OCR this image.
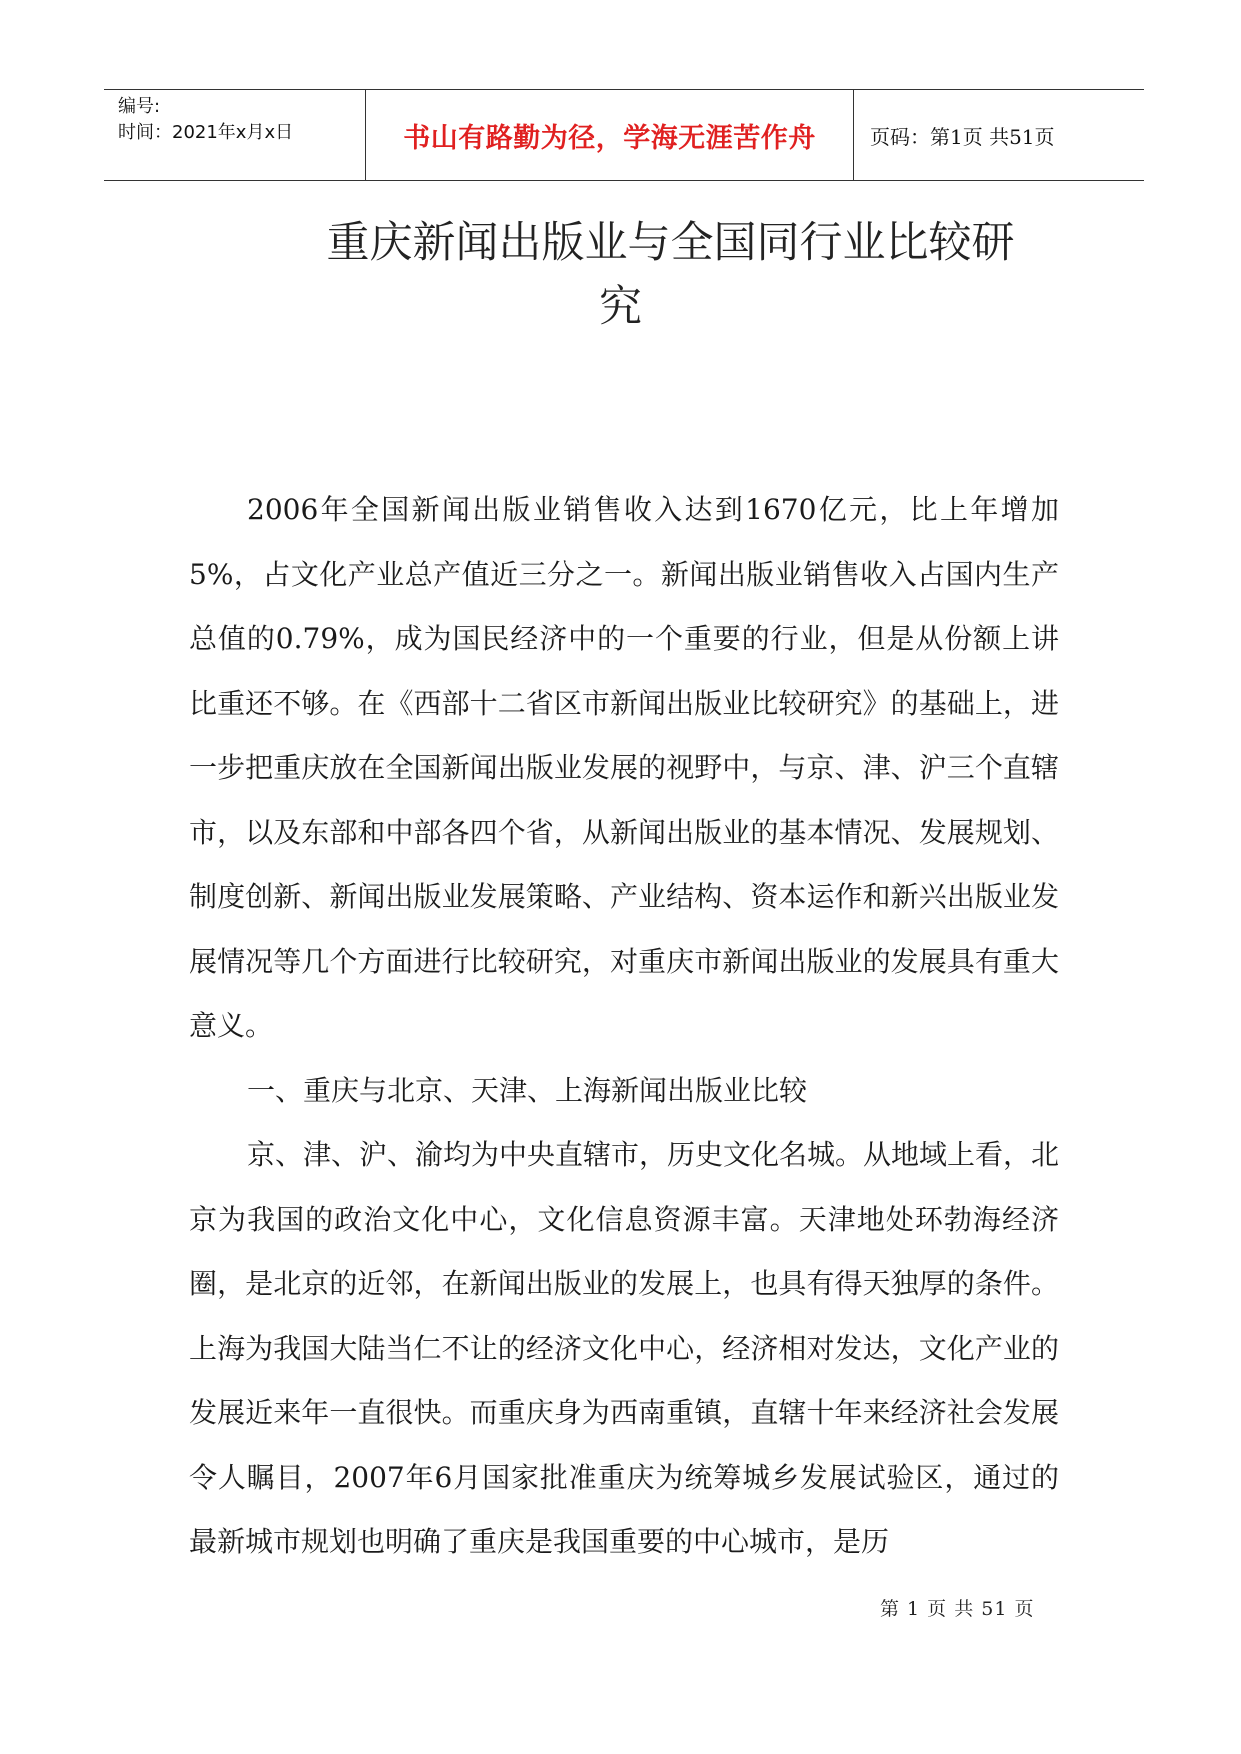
编号:
时间：2021年x月x日	书山有路勤为径，学海无涯苦作舟	页码：第1页 共51页
重庆新闻出版业与全国同行业比较研
究

2006年全国新闻出版业销售收入达到1670亿元，比上年增加5%，占文化产业总产值近三分之一。新闻出版业销售收入占国内生产总值的0.79%，成为国民经济中的一个重要的行业，但是从份额上讲比重还不够。在《西部十二省区市新闻出版业比较研究》的基础上，进一步把重庆放在全国新闻出版业发展的视野中，与京、津、沪三个直辖市，以及东部和中部各四个省，从新闻出版业的基本情况、发展规划、制度创新、新闻出版业发展策略、产业结构、资本运作和新兴出版业发展情况等几个方面进行比较研究，对重庆市新闻出版业的发展具有重大意义。

一、重庆与北京、天津、上海新闻出版业比较

京、津、沪、渝均为中央直辖市，历史文化名城。从地域上看，北京为我国的政治文化中心，文化信息资源丰富。天津地处环勃海经济圈，是北京的近邻，在新闻出版业的发展上，也具有得天独厚的条件。上海为我国大陆当仁不让的经济文化中心，经济相对发达，文化产业的发展近来年一直很快。而重庆身为西南重镇，直辖十年来经济社会发展令人瞩目，2007年6月国家批准重庆为统筹城乡发展试验区，通过的最新城市规划也明确了重庆是我国重要的中心城市，是历

第 1 页 共 51 页
